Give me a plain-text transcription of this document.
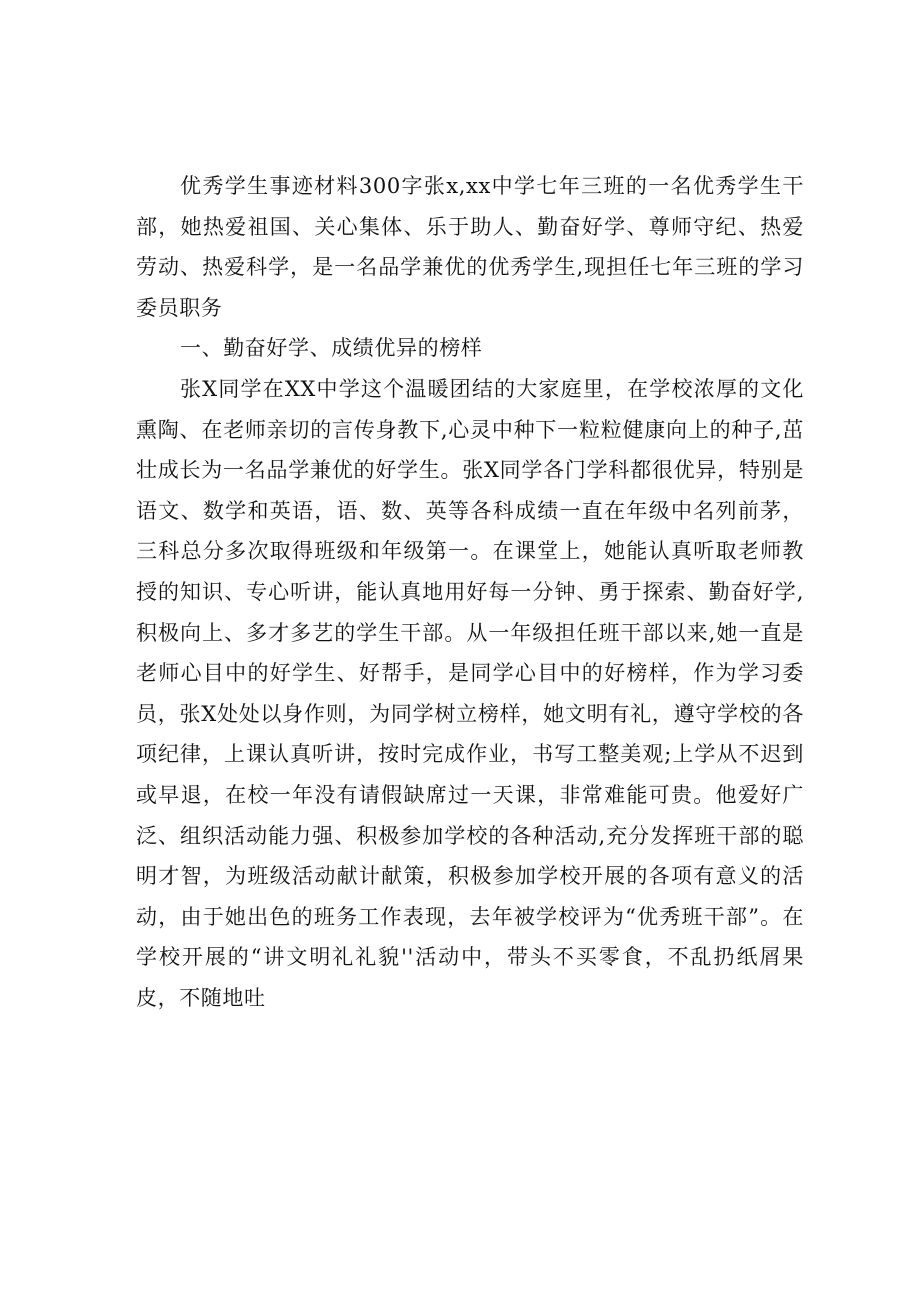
优秀学生事迹材料300字张x,xx中学七年三班的一名优秀学生干部，她热爱祖国、关心集体、乐于助人、勤奋好学、尊师守纪、热爱劳动、热爱科学，是一名品学兼优的优秀学生,现担任七年三班的学习委员职务

一、勤奋好学、成绩优异的榜样

张X同学在XX中学这个温暖团结的大家庭里，在学校浓厚的文化熏陶、在老师亲切的言传身教下,心灵中种下一粒粒健康向上的种子,茁壮成长为一名品学兼优的好学生。张X同学各门学科都很优异，特别是语文、数学和英语，语、数、英等各科成绩一直在年级中名列前茅，三科总分多次取得班级和年级第一。在课堂上，她能认真听取老师教授的知识、专心听讲，能认真地用好每一分钟、勇于探索、勤奋好学,积极向上、多才多艺的学生干部。从一年级担任班干部以来,她一直是老师心目中的好学生、好帮手，是同学心目中的好榜样，作为学习委员，张X处处以身作则，为同学树立榜样，她文明有礼，遵守学校的各项纪律，上课认真听讲，按时完成作业，书写工整美观;上学从不迟到或早退，在校一年没有请假缺席过一天课，非常难能可贵。他爱好广泛、组织活动能力强、积极参加学校的各种活动,充分发挥班干部的聪明才智，为班级活动献计献策，积极参加学校开展的各项有意义的活动，由于她出色的班务工作表现，去年被学校评为“优秀班干部”。在学校开展的“讲文明礼礼貌''活动中，带头不买零食，不乱扔纸屑果皮，不随地吐
